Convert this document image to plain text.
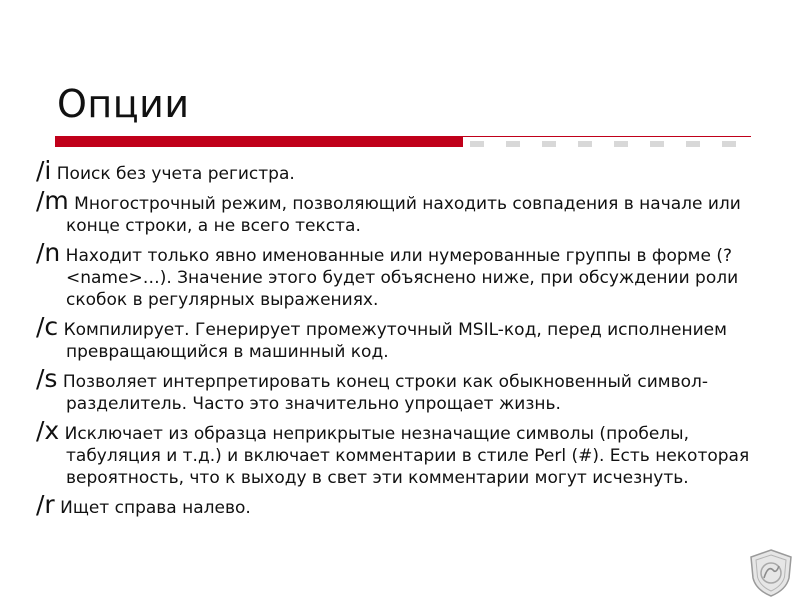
Опции
/i Поиск без учета регистра.
/m Многострочный режим, позволяющий находить совпадения в начале или конце строки, а не всего текста.
/n Находит только явно именованные или нумерованные группы в форме (?<name>…). Значение этого будет объяснено ниже, при обсуждении роли скобок в регулярных выражениях.
/c Компилирует. Генерирует промежуточный MSIL-код, перед исполнением превращающийся в машинный код.
/s Позволяет интерпретировать конец строки как обыкновенный символ-разделитель. Часто это значительно упрощает жизнь.
/x Исключает из образца неприкрытые незначащие символы (пробелы, табуляция и т.д.) и включает комментарии в стиле Perl (#). Есть некоторая вероятность, что к выходу в свет эти комментарии могут исчезнуть.
/r Ищет справа налево.
